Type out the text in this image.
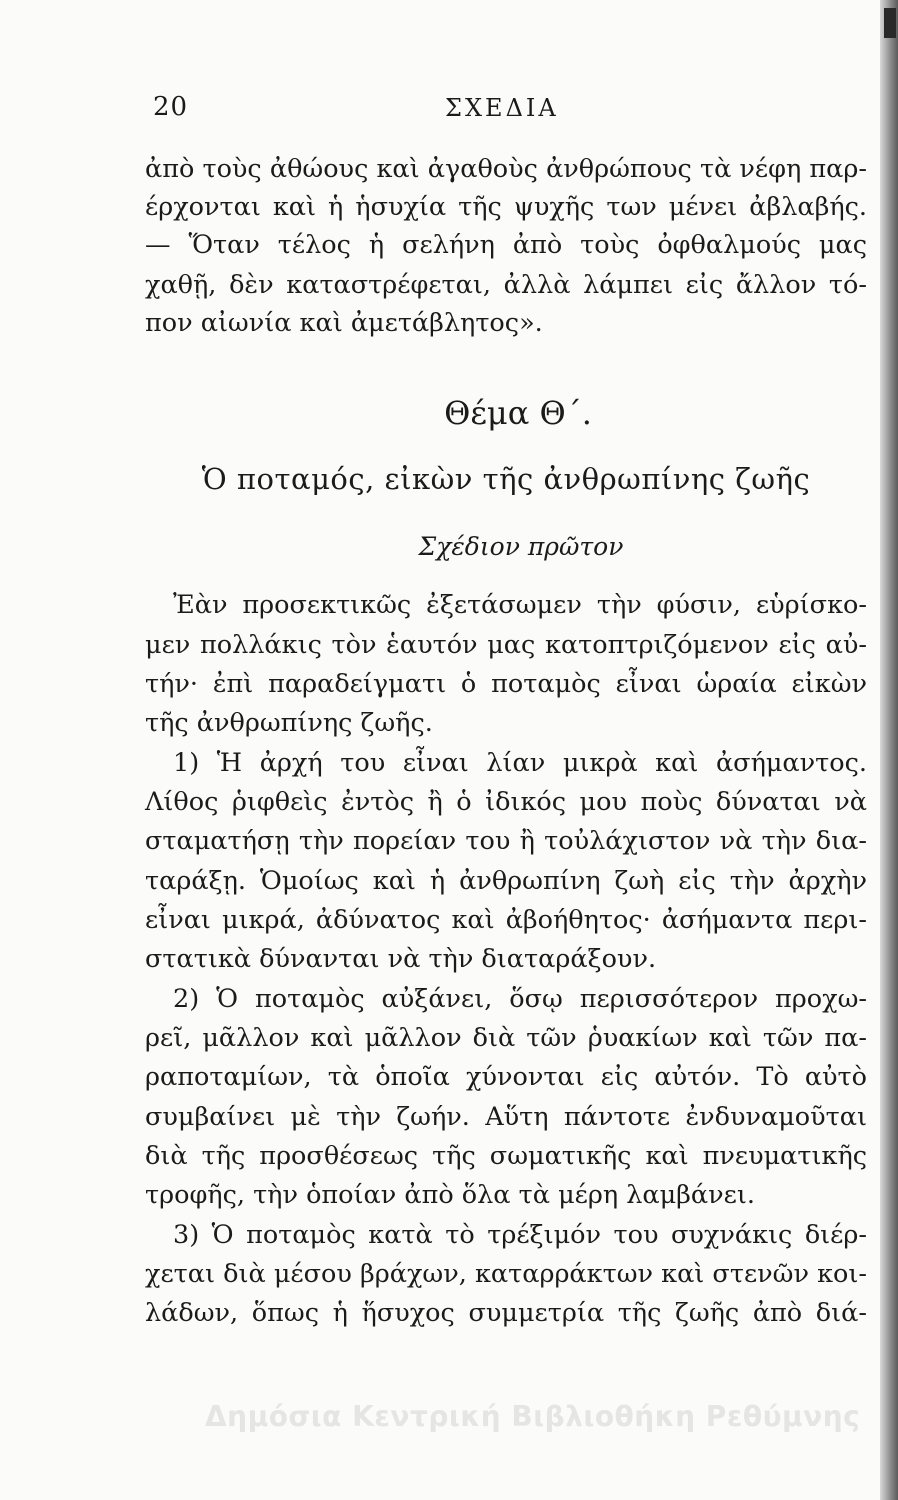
20	ΣΧΕΔΙΑ
ἀπὸ τοὺς ἀθώους καὶ ἀγαθοὺς ἀνθρώπους τὰ νέφη παρ-
έρχονται καὶ ἡ ἡσυχία τῆς ψυχῆς των μένει ἀβλαβής.
— Ὅταν τέλος ἡ σελήνη ἀπὸ τοὺς ὀφθαλμούς μας
χαθῇ, δὲν καταστρέφεται, ἀλλὰ λάμπει εἰς ἄλλον τό-
πον αἰωνία καὶ ἀμετάβλητος».
Θέμα Θ΄.
Ὁ ποταμός, εἰκὼν τῆς ἀνθρωπίνης ζωῆς
Σχέδιον πρῶτον
Ἐὰν προσεκτικῶς ἐξετάσωμεν τὴν φύσιν, εὑρίσκο-
μεν πολλάκις τὸν ἑαυτόν μας κατοπτριζόμενον εἰς αὐ-
τήν· ἐπὶ παραδείγματι ὁ ποταμὸς εἶναι ὡραία εἰκὼν
τῆς ἀνθρωπίνης ζωῆς.
1) Ἡ ἀρχή του εἶναι λίαν μικρὰ καὶ ἀσήμαντος.
Λίθος ῥιφθεὶς ἐντὸς ἢ ὁ ἰδικός μου ποὺς δύναται νὰ
σταματήσῃ τὴν πορείαν του ἢ τοὐλάχιστον νὰ τὴν δια-
ταράξῃ. Ὁμοίως καὶ ἡ ἀνθρωπίνη ζωὴ εἰς τὴν ἀρχὴν
εἶναι μικρά, ἀδύνατος καὶ ἀβοήθητος· ἀσήμαντα περι-
στατικὰ δύνανται νὰ τὴν διαταράξουν.
2) Ὁ ποταμὸς αὐξάνει, ὅσῳ περισσότερον προχω-
ρεῖ, μᾶλλον καὶ μᾶλλον διὰ τῶν ῥυακίων καὶ τῶν πα-
ραποταμίων, τὰ ὁποῖα χύνονται εἰς αὐτόν. Τὸ αὐτὸ
συμβαίνει μὲ τὴν ζωήν. Αὕτη πάντοτε ἐνδυναμοῦται
διὰ τῆς προσθέσεως τῆς σωματικῆς καὶ πνευματικῆς
τροφῆς, τὴν ὁποίαν ἀπὸ ὅλα τὰ μέρη λαμβάνει.
3) Ὁ ποταμὸς κατὰ τὸ τρέξιμόν του συχνάκις διέρ-
χεται διὰ μέσου βράχων, καταρράκτων καὶ στενῶν κοι-
λάδων, ὅπως ἡ ἥσυχος συμμετρία τῆς ζωῆς ἀπὸ διά-
Δημόσια Κεντρική Βιβλιοθήκη Ρεθύμνης
